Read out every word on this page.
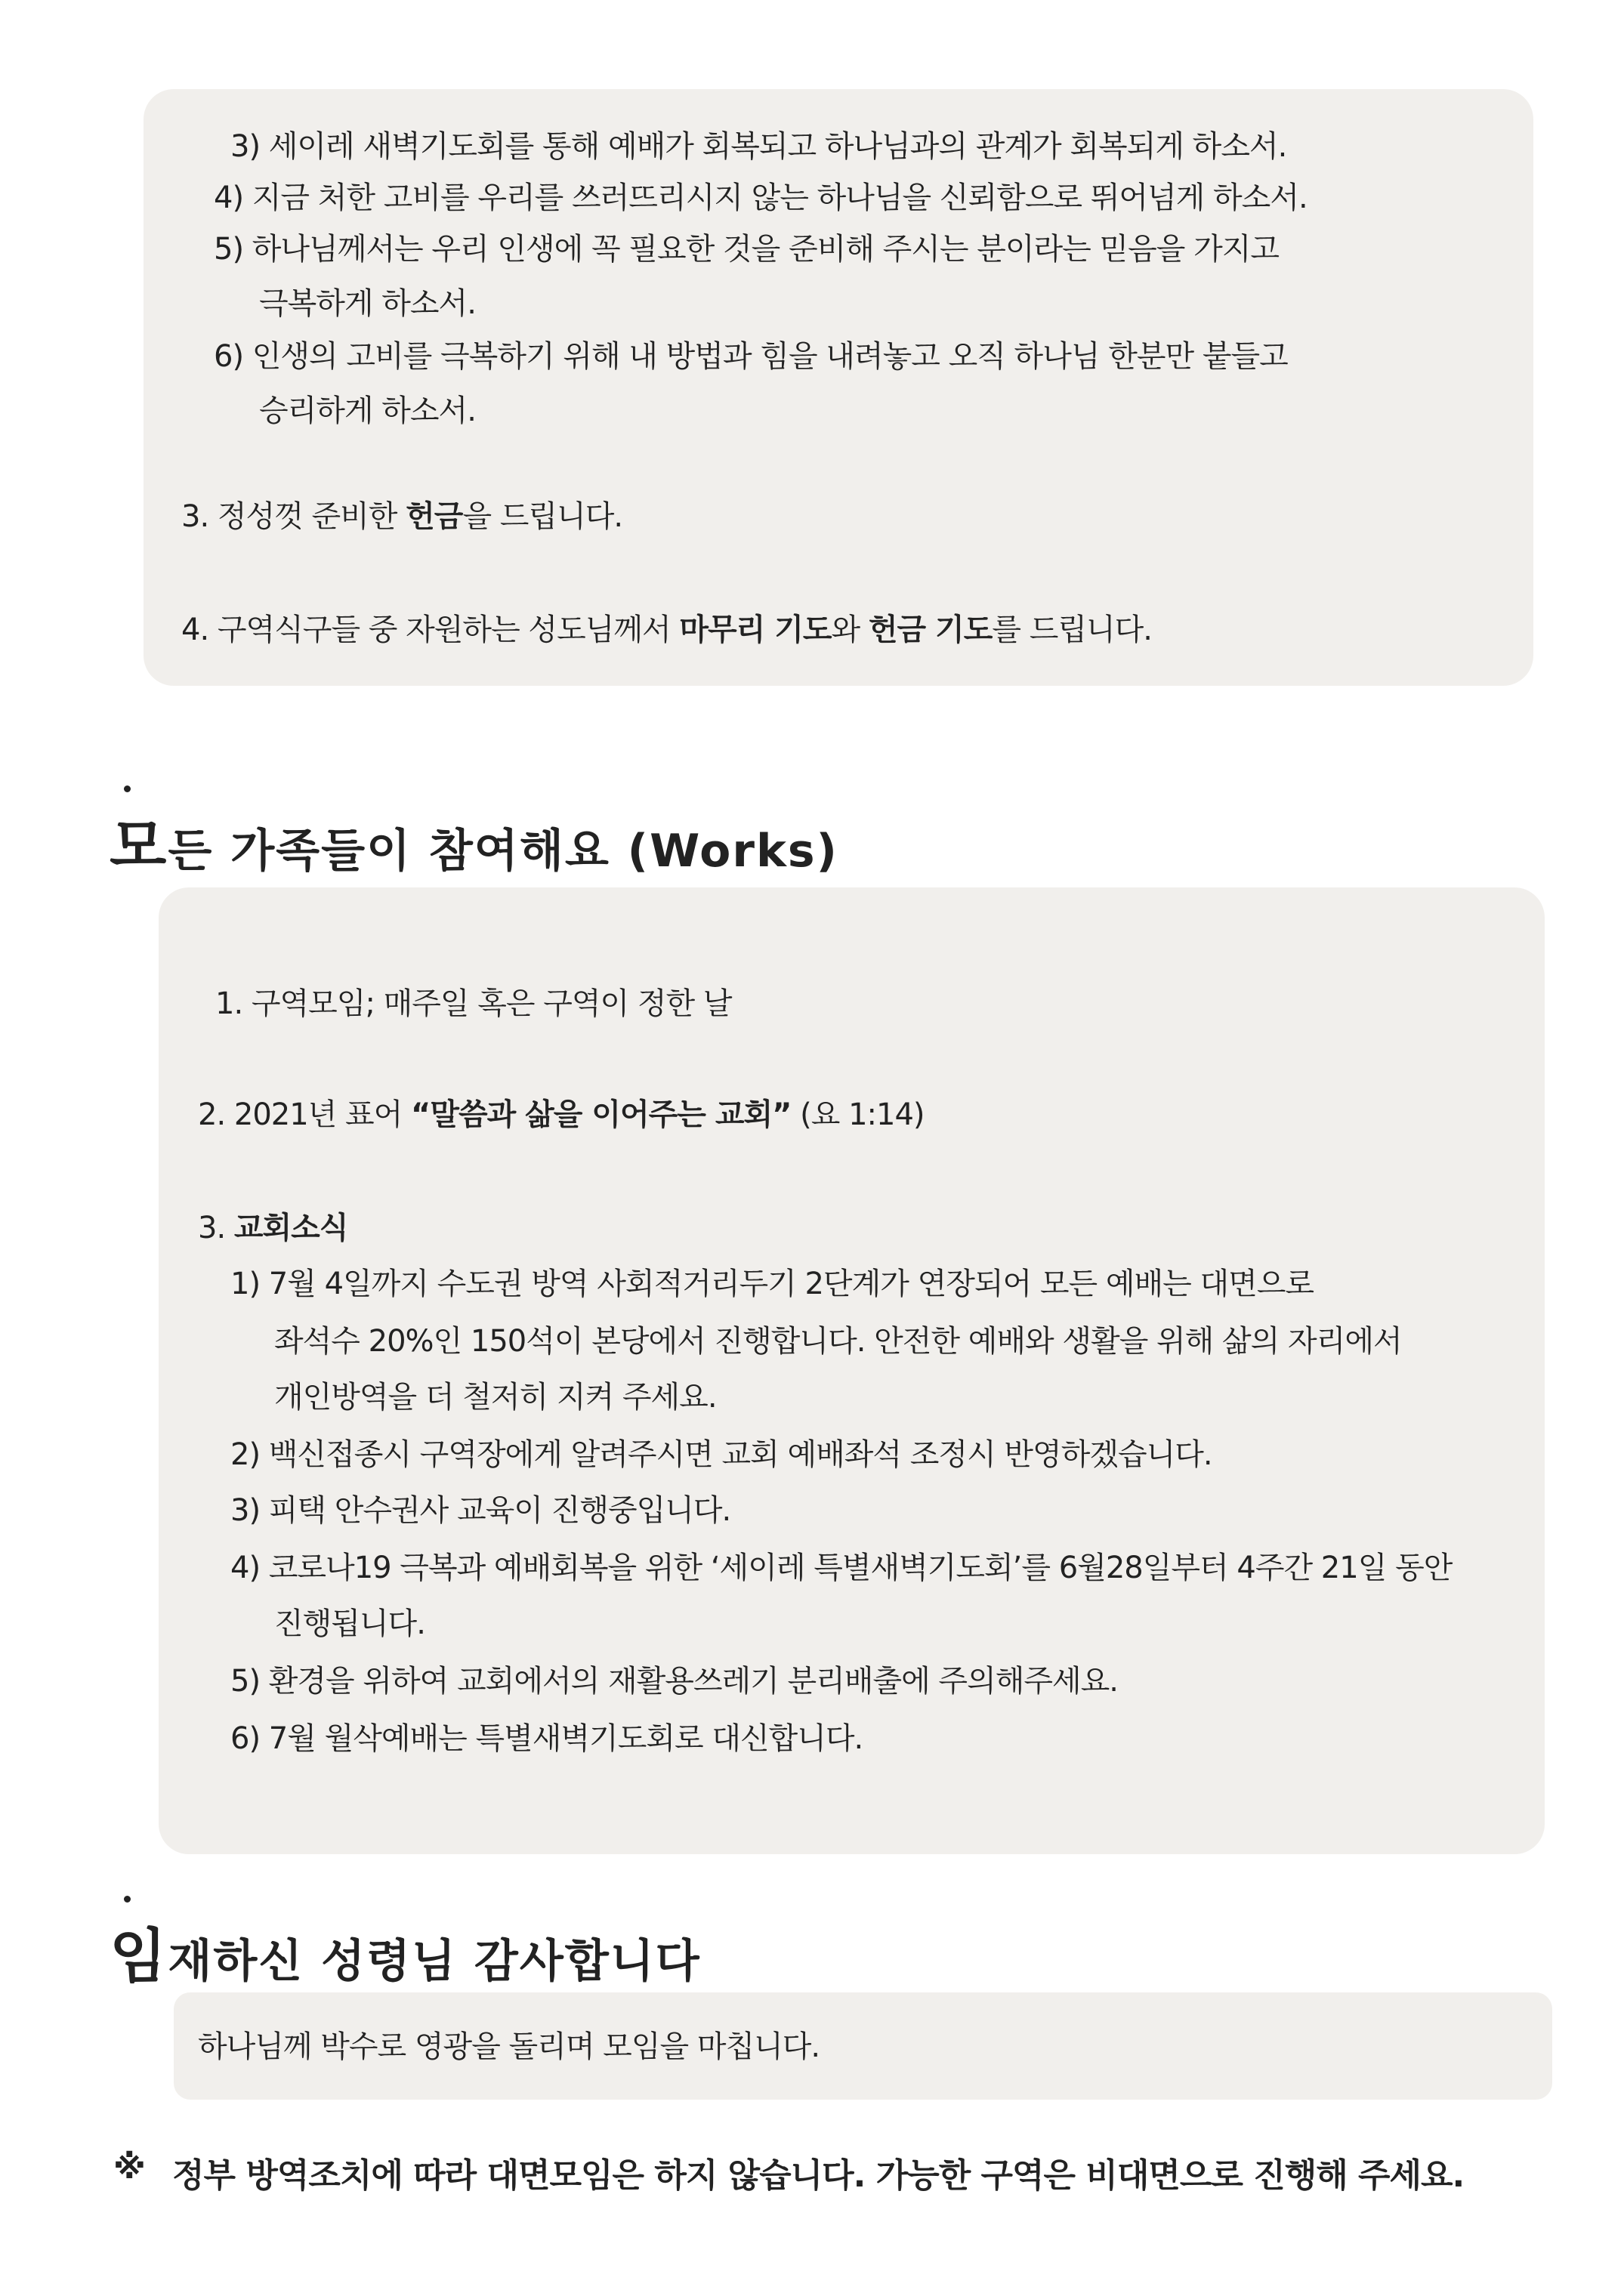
3) 세이레 새벽기도회를 통해 예배가 회복되고 하나님과의 관계가 회복되게 하소서.
4) 지금 처한 고비를 우리를 쓰러뜨리시지 않는 하나님을 신뢰함으로 뛰어넘게 하소서.
5) 하나님께서는 우리 인생에 꼭 필요한 것을 준비해 주시는 분이라는 믿음을 가지고
극복하게 하소서.
6) 인생의 고비를 극복하기 위해 내 방법과 힘을 내려놓고 오직 하나님 한분만 붙들고
승리하게 하소서.
3. 정성껏 준비한 헌금을 드립니다.
4. 구역식구들 중 자원하는 성도님께서 마무리 기도와 헌금 기도를 드립니다.
모든 가족들이 참여해요 (Works)
1. 구역모임; 매주일 혹은 구역이 정한 날
2. 2021년 표어 “말씀과 삶을 이어주는 교회” (요 1:14)
3. 교회소식
1) 7월 4일까지 수도권 방역 사회적거리두기 2단계가 연장되어 모든 예배는 대면으로
좌석수 20%인 150석이 본당에서 진행합니다. 안전한 예배와 생활을 위해 삶의 자리에서
개인방역을 더 철저히 지켜 주세요.
2) 백신접종시 구역장에게 알려주시면 교회 예배좌석 조정시 반영하겠습니다.
3) 피택 안수권사 교육이 진행중입니다.
4) 코로나19 극복과 예배회복을 위한 ‘세이레 특별새벽기도회’를 6월28일부터 4주간 21일 동안
진행됩니다.
5) 환경을 위하여 교회에서의 재활용쓰레기 분리배출에 주의해주세요.
6) 7월 월삭예배는 특별새벽기도회로 대신합니다.
임재하신 성령님 감사합니다
하나님께 박수로 영광을 돌리며 모임을 마칩니다.
※ 정부 방역조치에 따라 대면모임은 하지 않습니다. 가능한 구역은 비대면으로 진행해 주세요.
